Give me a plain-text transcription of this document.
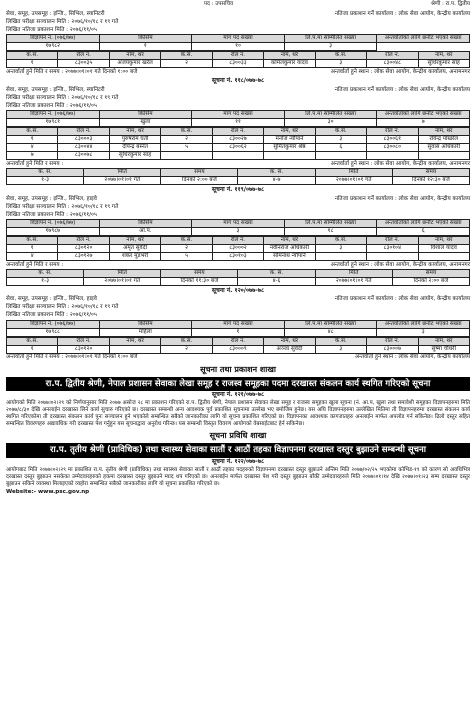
पद : उपसचिव	श्रेणी : रा.प. द्वितीय
सेवा, समूह, उपसमूह : इन्जि., सिभिल, स्यानिटरी	नतिजा प्रकाशन गर्ने कार्यालय : लोक सेवा आयोग, केन्द्रीय कार्यालय
लिखित परीक्षा सञ्चालन मिति : २०७६/१०/१८ र १९ गते
लिखित नतिजा प्रकाशन मिति : २०७६/११/०५
विज्ञापन नं. (०७६/७७)	किसिम	माग पद संख्या	लि.प.मा सम्मिलित संख्या	अन्तर्वार्ताको लागि छनौट भएको संख्या
१७९८२	१	१०	३	
क.सं.	रोल नं.	नाम, थर	क.सं.	रोल नं.	नाम, थर	क.सं.	रोल नं.	नाम, थर
१	८३००३५	अजयकुमार खरेल	२	८३००३३	कमिलकुमार यादव	३	८३००४८	सुधिरकुमार साह
अन्तर्वार्ता हुने मिति र समय : २०७७।०१।०१ गते दिनको १:०० बजे	अन्तर्वार्ता हुने स्थान : लोक सेवा आयोग, केन्द्रीय कार्यालय, अनामनगर
सूचना नं. ११८/०७७-७८
सेवा, समूह, उपसमूह : इन्जि., सिभिल, स्यानिटरी	नतिजा प्रकाशन गर्ने कार्यालय : लोक सेवा आयोग, केन्द्रीय कार्यालय
लिखित परीक्षा सञ्चालन मिति : २०७६/१०/१८ र १९ गते
लिखित नतिजा प्रकाशन मिति : २०७६/११/०५
विज्ञापन नं. (०७६/७७)	किसिम	माग पद संख्या	लि.प.मा सम्मिलित संख्या	अन्तर्वार्ताको लागि छनौट भएको संख्या
१७९८१	खुला	११	३०	७
क.सं.	रोल नं.	नाम, थर	क.सं.	रोल नं.	नाम, थर	क.सं.	रोल नं.	नाम, थर
१	८३०००३	पुरुषराम घर्ती	२	८३००२७	मनोज न्यौपाने	३	८३००६१	रविन्द्र पोखरेल
४	८३००४४	दीपेन्द्र बस्नेत	५	८३००६२	सुमितकुमार श्रेष्ठ	६	८३००८०	सुवास अधिकारी
७	८३००७८	सुधिरकुमार साह						
अन्तर्वार्ता हुने मिति र समय :	अन्तर्वार्ता हुने स्थान : लोक सेवा आयोग, केन्द्रीय कार्यालय, अनामनगर
क. सं.	मिति	समय	क. सं.	मिति	समय
१-३	२०७७।०१।०१ गते	दिनको २:०० बजे	४-७	२०७७।०१।०१ गते	दिनको १२:३० बजे
सूचना नं. ११९/०७७-७८
सेवा, समूह, उपसमूह : इन्जि., सिभिल, हाइवे	नतिजा प्रकाशन गर्ने कार्यालय : लोक सेवा आयोग, केन्द्रीय कार्यालय
लिखित परीक्षा सञ्चालन मिति : २०७६/१०/१८ र १९ गते
लिखित नतिजा प्रकाशन मिति : २०७६/११/०५
विज्ञापन नं. (०७६/७७)	किसिम	माग पद संख्या	लि.प.मा सम्मिलित संख्या	अन्तर्वार्ताको लागि छनौट भएको संख्या
१७९८७	आ.प.	३	१८	६
क.सं.	रोल नं.	नाम, थर	क.सं.	रोल नं.	नाम, थर	क.सं.	रोल नं.	नाम, थर
१	८३०१२०	अमृत सुवेदी	२	८३०००२	नवीनराज अधिकारी	३	८३०१०४	विशाल यादव
४	८३०१२७	शंकर मुडभरी	५	८३०१०३	सोमनाथ न्यौपाने			
अन्तर्वार्ता हुने मिति र समय :	अन्तर्वार्ता हुने स्थान : लोक सेवा आयोग, केन्द्रीय कार्यालय, अनामनगर
क. सं.	मिति	समय	क. सं.	मिति	समय
१-३	२०७७।०१।०१ गते	दिनको ११:३० बजे	४-६	२०७७।०१।०१ गते	दिनको २:०० बजे
सूचना नं. १२०/०७७-७८
सेवा, समूह, उपसमूह : इन्जि., सिभिल, हाइवे	नतिजा प्रकाशन गर्ने कार्यालय : लोक सेवा आयोग, केन्द्रीय कार्यालय
लिखित परीक्षा सञ्चालन मिति : २०७६/१०/१८ र १९ गते
लिखित नतिजा प्रकाशन मिति : २०७६/११/०५
विज्ञापन नं. (०७६/७७)	किसिम	माग पद संख्या	लि.प.मा सम्मिलित संख्या	अन्तर्वार्ताको लागि छनौट भएको संख्या
१७९८८	महिला	१	४८	३
क.सं.	रोल नं.	नाम, थर	क.सं.	रोल नं.	नाम, थर	क.सं.	रोल नं.	नाम, थर
१	८३०१२०		२	८३०००९	अञ्जा सुवेदी	३	८३०००७	सुष्मा चौधरी
अन्तर्वार्ता हुने मिति र समय : २०७७।०१।०१ गते दिनको १:०० बजे	अन्तर्वार्ता हुने स्थान : लोक सेवा आयोग, केन्द्रीय कार्यालय
सूचना तथा प्रकाशन शाखा
रा.प. द्वितीय श्रेणी, नेपाल प्रशासन सेवाका लेखा समूह र राजस्व समूहका पदमा दरखास्त संकलन कार्य स्थगित गरिएको सूचना
सूचना नं. १२१/०७७-७८
आयोगको मिति २०७७।०२।२९ को निर्णयानुसार मिति २०७७ असोज २८ मा प्रकाशन गरिएको रा.प. द्वितीय श्रेणी, नेपाल प्रशासन सेवाका लेखा समूह र राजस्व समूहका खुला सूचना (नं. आ.प, खुला तथा समावेशी समूहका विज्ञापनहरुमा मिति २०७७/८/३० देखि अनलाईन दरखास्त लिने कार्य सुचारु गरिएको छ। दरखास्त सम्बन्धी अन्य आवश्यक पूर्व प्रकाशित सूचनामा उल्लेख भए बमोजिम हुनेछ। यस अघि विज्ञापनहरुमा उल्लेखित मितिमा ती विज्ञापनहरुमा दरखास्त संकलन कार्य स्थगित गरिएकोमा ती दरखास्त संकलन कार्य पुनः सञ्चालन हुने भएकोले सम्बन्धित सबैको जानकारीका लागि यो सूचना प्रकाशित गरिएको छ। विज्ञापनका आवश्यक कागजातहरु अनलाईन मार्फत अपलोड गर्न सकिनेछ। ढिलो दस्तुर सहित सम्बन्धित विवरणहरु अद्यावधिक गरी दरखास्त पेश गर्नुहुन यस सूचनाद्वारा अनुरोध गरिन्छ। यस सम्बन्धी विस्तृत विवरण आयोगको वेबसाईटबाट हेर्न सकिनेछ।
सूचना प्रविधि शाखा
रा.प. तृतीय श्रेणी (प्राविधिक) तथा स्वास्थ्य सेवाका सातौं र आठौं तहका विज्ञापनमा दरखास्त दस्तुर बुझाउने सम्बन्धी सूचना
सूचना नं. १२२/०७७-७८
आयोगबाट मिति २०७७।०२।२९ मा प्रकाशित रा.प. तृतीय श्रेणी (प्राविधिक) तथा स्वास्थ्य सेवाका सातौं र आठौं तहका पदहरुको विज्ञापनमा दरखास्त दस्तुर बुझाउने अन्तिम मिति २०७७/०२/२५ भएकोमा कोभिड-१९ को कारण सो अवधिभित्र दरखास्त दस्तुर बुझाउन नसकेका उम्मेदवारहरुको हकमा दरखास्त दस्तुर बुझाउने म्याद थप गरिएको छ। अनलाईन मार्फत दरखास्त पेश गरी दस्तुर बुझाउन बाँकी उम्मेदवारहरुले मिति २०७७।०१।१४ देखि २०७७।०१।२३ सम्म दरखास्त दस्तुर बुझाउन सकिने व्यवस्था मिलाइएको व्यहोरा सम्बन्धित सबैको जानकारीका लागि यो सूचना प्रकाशित गरिएको छ।
Website:- www.psc.gov.np
